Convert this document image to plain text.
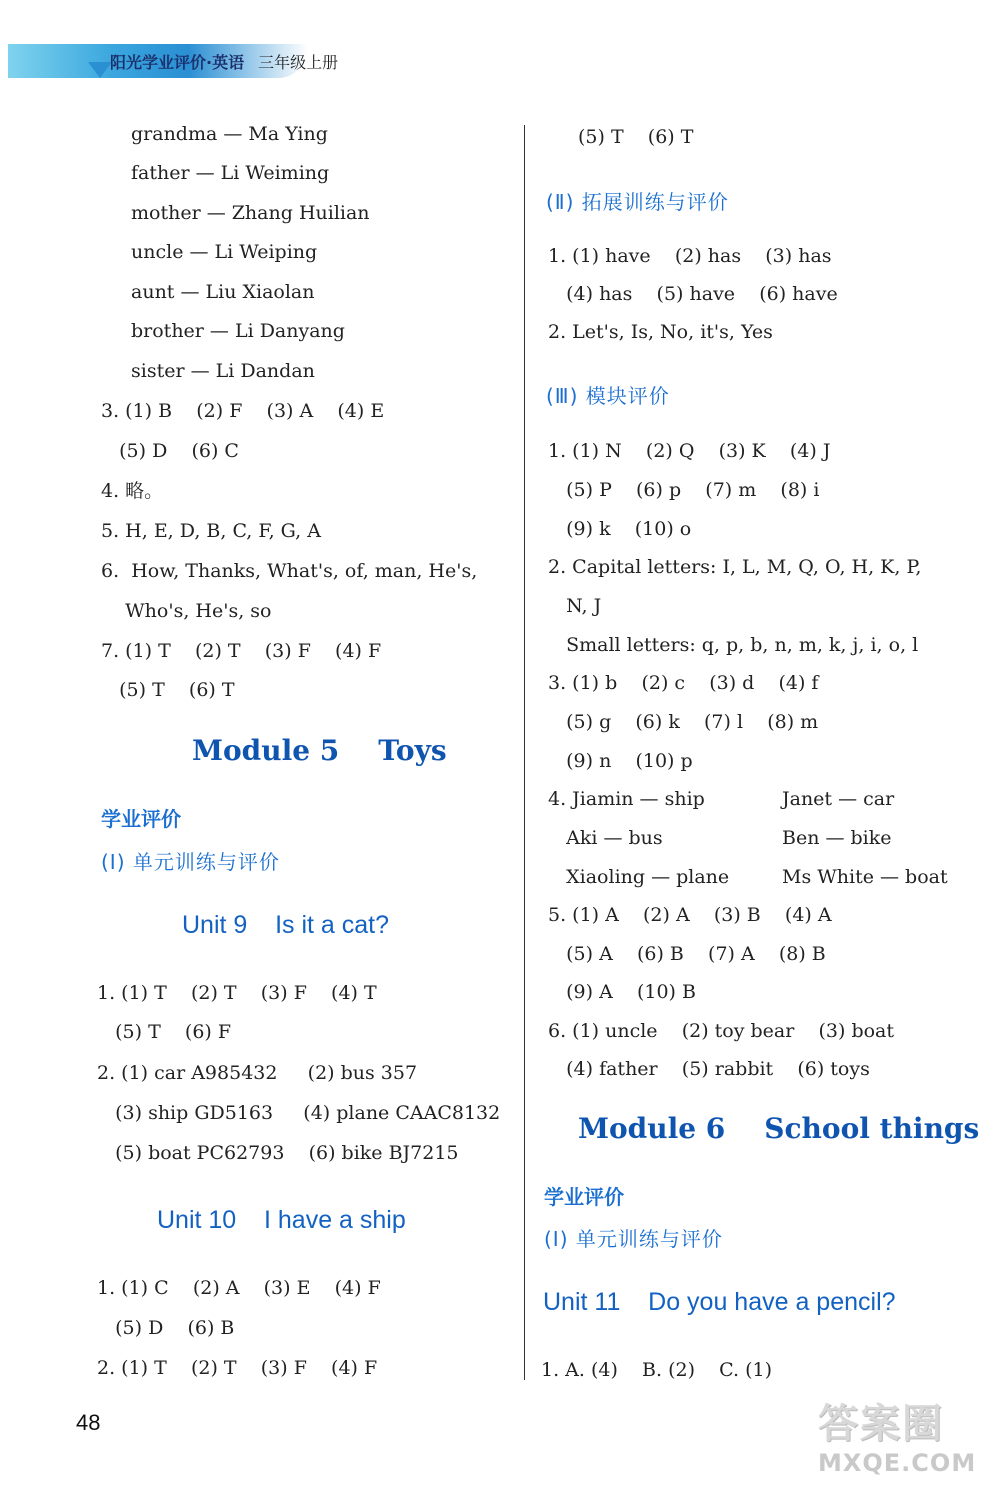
阳光学业评价·英语 三年级上册
grandma — Ma Ying
father — Li Weiming
mother — Zhang Huilian
uncle — Li Weiping
aunt — Liu Xiaolan
brother — Li Danyang
sister — Li Dandan
3. (1) B    (2) F    (3) A    (4) E
(5) D    (6) C
4. 略。
5. H, E, D, B, C, F, G, A
6.  How, Thanks, What's, of, man, He's,
Who's, He's, so
7. (1) T    (2) T    (3) F    (4) F
(5) T    (6) T
Module 5    Toys
学业评价
(Ⅰ) 单元训练与评价
Unit 9    Is it a cat?
1. (1) T    (2) T    (3) F    (4) T
(5) T    (6) F
2. (1) car A985432     (2) bus 357
(3) ship GD5163     (4) plane CAAC8132
(5) boat PC62793    (6) bike BJ7215
Unit 10    I have a ship
1. (1) C    (2) A    (3) E    (4) F
(5) D    (6) B
2. (1) T    (2) T    (3) F    (4) F
(5) T    (6) T
(Ⅱ) 拓展训练与评价
1. (1) have    (2) has    (3) has
(4) has    (5) have    (6) have
2. Let's, Is, No, it's, Yes
(Ⅲ) 模块评价
1. (1) N    (2) Q    (3) K    (4) J
(5) P    (6) p    (7) m    (8) i
(9) k    (10) o
2. Capital letters: I, L, M, Q, O, H, K, P,
N, J
Small letters: q, p, b, n, m, k, j, i, o, l
3. (1) b    (2) c    (3) d    (4) f
(5) g    (6) k    (7) l    (8) m
(9) n    (10) p
4. Jiamin — ship	Janet — car
Aki — bus	Ben — bike
Xiaoling — plane	Ms White — boat
5. (1) A    (2) A    (3) B    (4) A
(5) A    (6) B    (7) A    (8) B
(9) A    (10) B
6. (1) uncle    (2) toy bear    (3) boat
(4) father    (5) rabbit    (6) toys
Module 6    School things
学业评价
(Ⅰ) 单元训练与评价
Unit 11    Do you have a pencil?
1. A. (4)    B. (2)    C. (1)
48	答案圈
MXQE.COM
